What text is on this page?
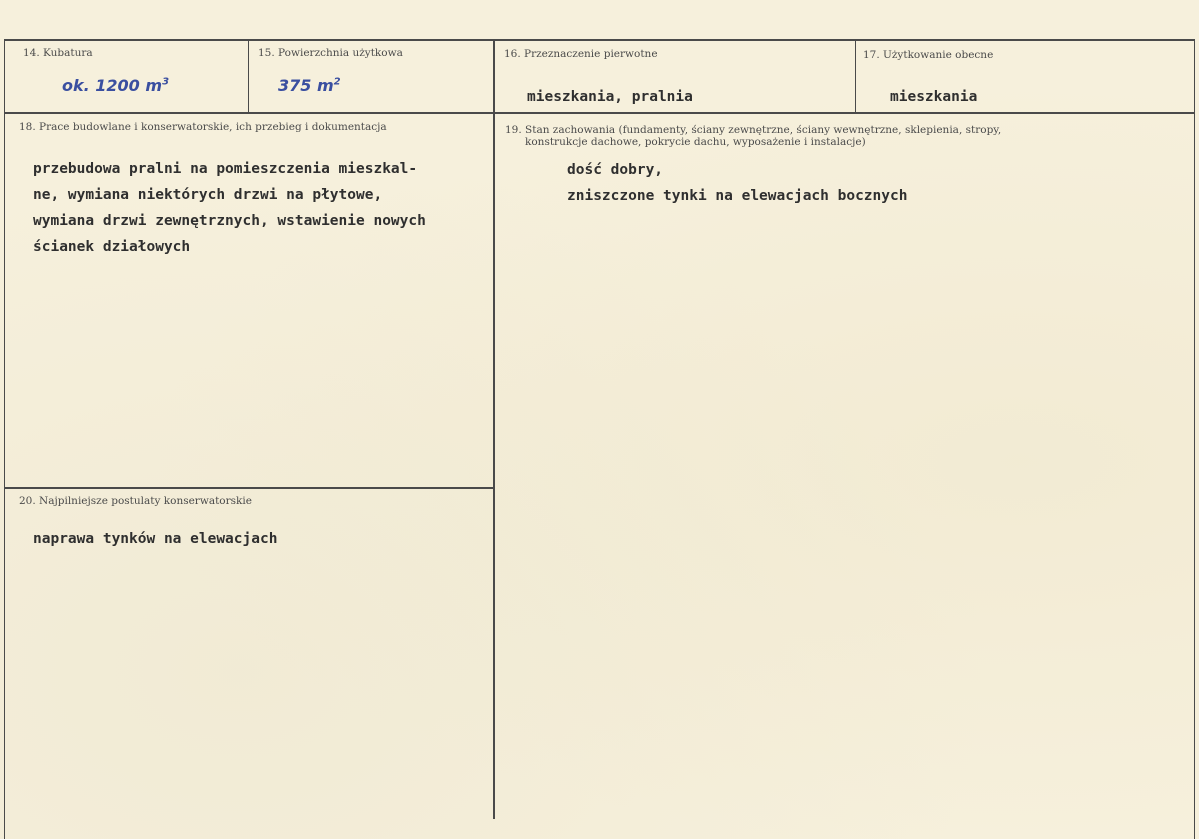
14. Kubatura
ok. 1200 $m^3$
15. Powierzchnia użytkowa
375 $m^2$
16. Przeznaczenie pierwotne
mieszkania, pralnia
17. Użytkowanie obecne
mieszkania
18. Prace budowlane i konserwatorskie, ich przebieg i dokumentacja
przebudowa pralni na pomieszczenia mieszkal-
ne, wymiana niektórych drzwi na płytowe,
wymiana drzwi zewnętrznych, wstawienie nowych
ścianek działowych
19. Stan zachowania (fundamenty, ściany zewnętrzne, ściany wewnętrzne, sklepienia, stropy,
konstrukcje dachowe, pokrycie dachu, wyposażenie i instalacje)
dość dobry,
zniszczone tynki na elewacjach bocznych
20. Najpilniejsze postulaty konserwatorskie
naprawa tynków na elewacjach
